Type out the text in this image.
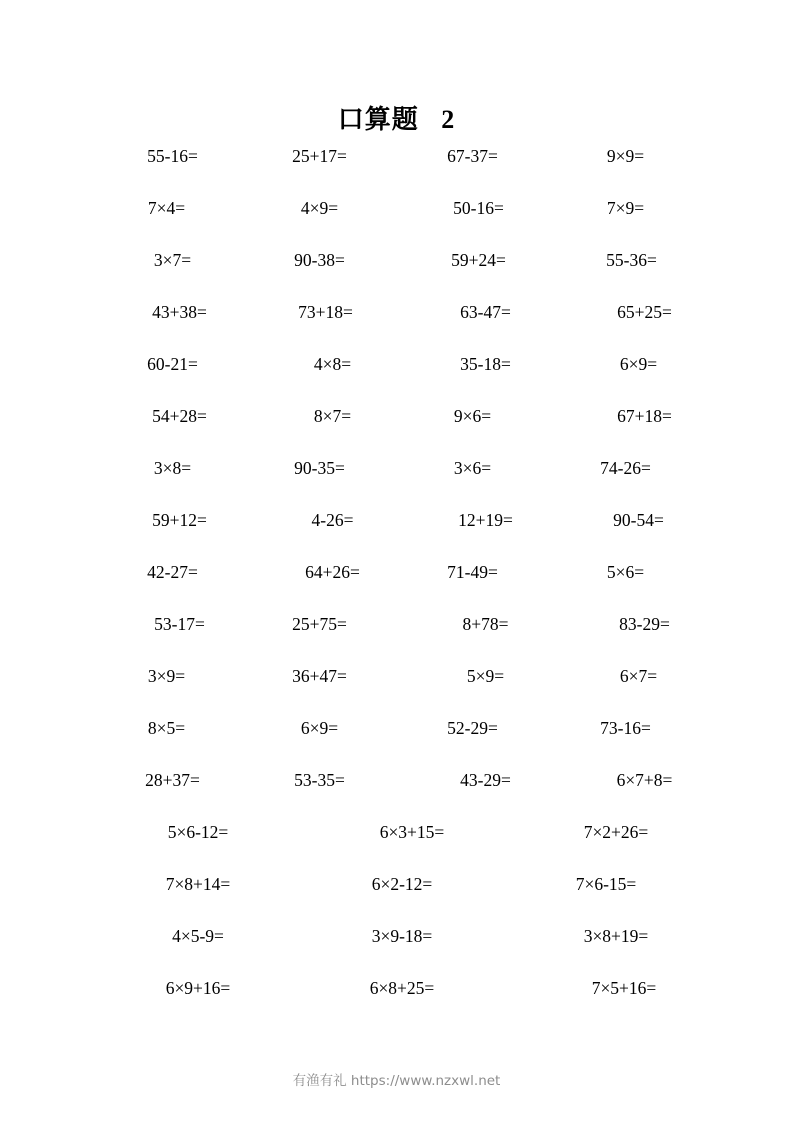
口算题   2
55-16=	25+17=	67-37=	9×9=
7×4=	4×9=	50-16=	7×9=
3×7=	90-38=	59+24=	55-36=
43+38=	73+18=	63-47=	65+25=
60-21=	4×8=	35-18=	6×9=
54+28=	8×7=	9×6=	67+18=
3×8=	90-35=	3×6=	74-26=
59+12=	4-26=	12+19=	90-54=
42-27=	64+26=	71-49=	5×6=
53-17=	25+75=	8+78=	83-29=
3×9=	36+47=	5×9=	6×7=
8×5=	6×9=	52-29=	73-16=
28+37=	53-35=	43-29=	6×7+8=
5×6-12=	6×3+15=	7×2+26=
7×8+14=	6×2-12=	7×6-15=
4×5-9=	3×9-18=	3×8+19=
6×9+16=	6×8+25=	7×5+16=
有渔有礼 https://www.nzxwl.net
